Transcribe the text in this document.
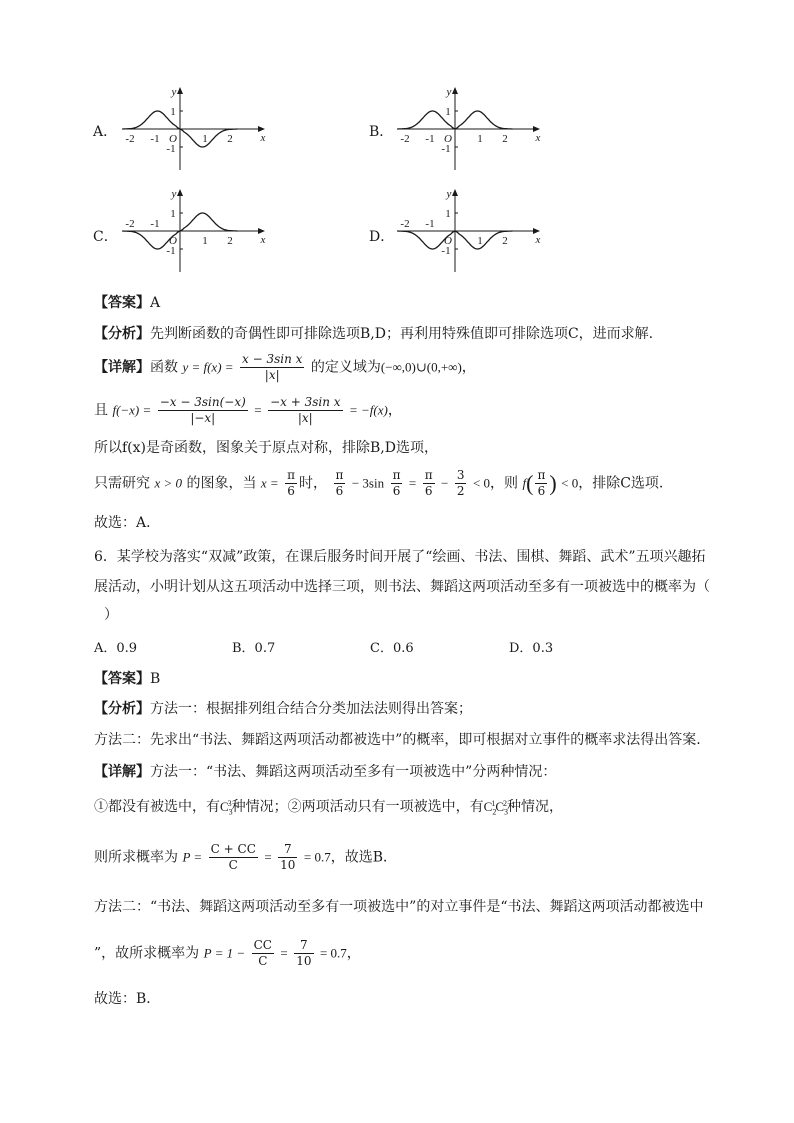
A． -2 -1 O 1 2	x
y
1
-1
B． -2 -1 O 1 2	x
y
1
-1
C．
-2 -1
O 1 2	x
y
1
-1
D．
-2 -1
O 1 2	x
y
1
-1
【答案】A
【分析】先判断函数的奇偶性即可排除选项B,D；再利用特殊值即可排除选项C，进而求解.
【详解】函数 $y = f(x) = \frac{\text{x − 3sin x}}{|x|}$ 的定义域为(−∞,0)∪(0,+∞)，
且 $f(-x) = \frac{-x - 3\sin(-x)}{|-x|} = \frac{\text{−x + 3sin x}}{|x|} = -f(x)$，
所以f(x)是奇函数，图象关于原点对称，排除B,D选项，
只需研究 x > 0 的图象，当 $x = \frac{\pi}{6}$ 时， $\frac{\pi}{6} - 3\sin \frac{\pi}{6} = \frac{\pi}{6} - \frac{3}{2} < 0$，则 $f( \frac{\pi}{6}$ ) < 0，排除C选项.
故选：A．
6．某学校为落实“双减”政策，在课后服务时间开展了“绘画、书法、围棋、舞蹈、武术”五项兴趣拓
展活动，小明计划从这五项活动中选择三项，则书法、舞蹈这两项活动至多有一项被选中的概率为（
）
A．0.9	B．0.7	C．0.6	D．0.3
【答案】B
【分析】方法一：根据排列组合结合分类加法法则得出答案；
方法二：先求出“书法、舞蹈这两项活动都被选中”的概率，即可根据对立事件的概率求法得出答案.
【详解】方法一：“书法、舞蹈这两项活动至多有一项被选中”分两种情况：
①都没有被选中，有$C_3^3$种情况；②两项活动只有一项被选中，有$C_2^1C_3^2$种情况，
则所求概率为 $P = \frac{C + CC}{C} = \frac{7}{10} = 0.7$，故选B．
方法二：“书法、舞蹈这两项活动至多有一项被选中”的对立事件是“书法、舞蹈这两项活动都被选中
”，故所求概率为 $P = 1 - \frac{CC}{C} = \frac{7}{10} = 0.7$，
故选：B．
